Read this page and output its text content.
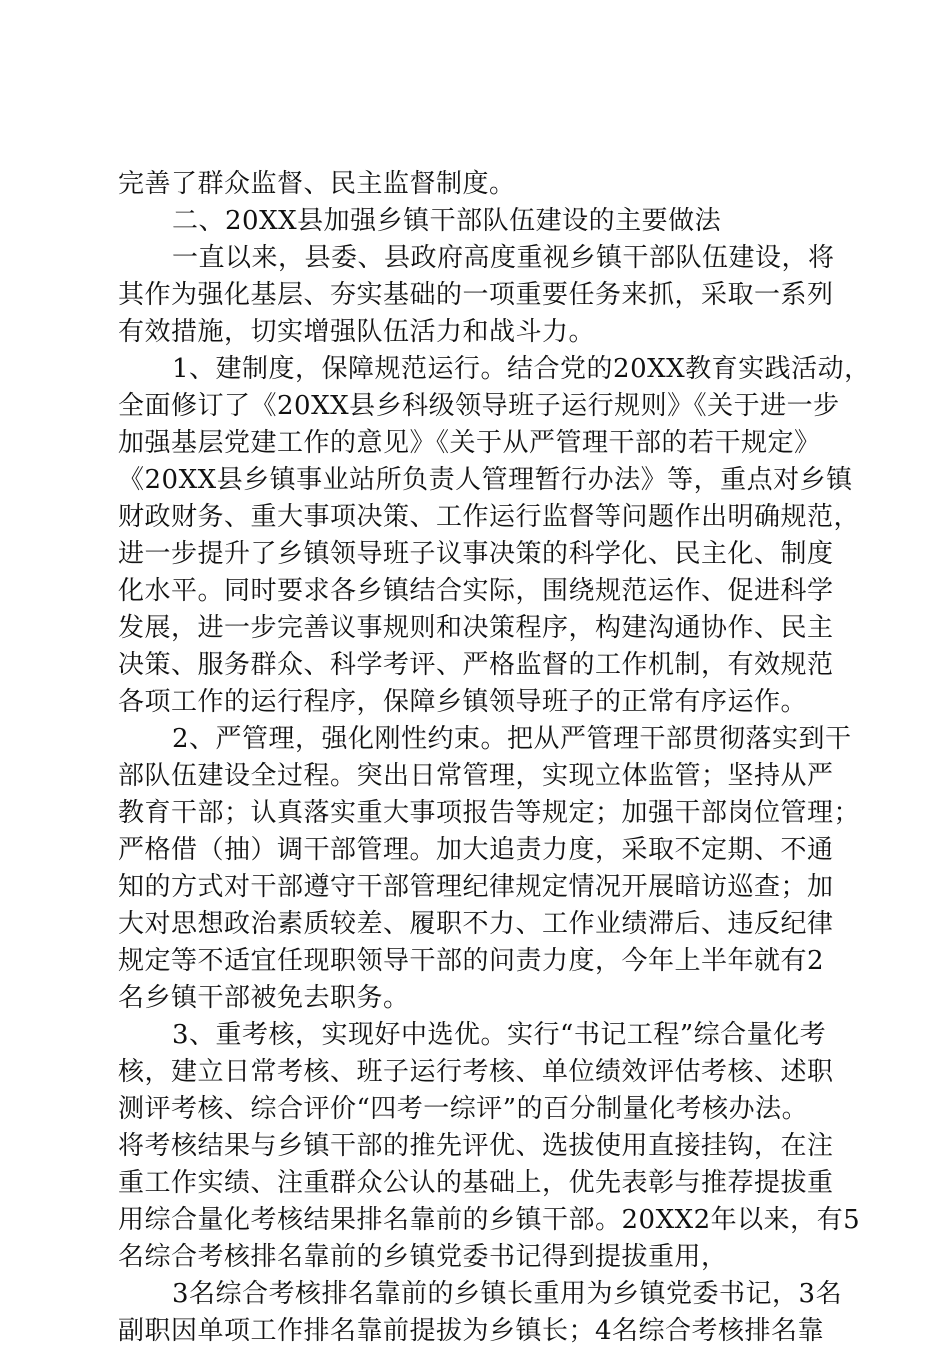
完善了群众监督、民主监督制度。
二、20XX县加强乡镇干部队伍建设的主要做法
一直以来，县委、县政府高度重视乡镇干部队伍建设，将
其作为强化基层、夯实基础的一项重要任务来抓，采取一系列
有效措施，切实增强队伍活力和战斗力。
1、建制度，保障规范运行。结合党的20XX教育实践活动，
全面修订了《20XX县乡科级领导班子运行规则》《关于进一步
加强基层党建工作的意见》《关于从严管理干部的若干规定》
《20XX县乡镇事业站所负责人管理暂行办法》等，重点对乡镇
财政财务、重大事项决策、工作运行监督等问题作出明确规范，
进一步提升了乡镇领导班子议事决策的科学化、民主化、制度
化水平。同时要求各乡镇结合实际，围绕规范运作、促进科学
发展，进一步完善议事规则和决策程序，构建沟通协作、民主
决策、服务群众、科学考评、严格监督的工作机制，有效规范
各项工作的运行程序，保障乡镇领导班子的正常有序运作。
2、严管理，强化刚性约束。把从严管理干部贯彻落实到干
部队伍建设全过程。突出日常管理，实现立体监管；坚持从严
教育干部；认真落实重大事项报告等规定；加强干部岗位管理；
严格借（抽）调干部管理。加大追责力度，采取不定期、不通
知的方式对干部遵守干部管理纪律规定情况开展暗访巡查；加
大对思想政治素质较差、履职不力、工作业绩滞后、违反纪律
规定等不适宜任现职领导干部的问责力度，今年上半年就有2
名乡镇干部被免去职务。
3、重考核，实现好中选优。实行“书记工程”综合量化考
核，建立日常考核、班子运行考核、单位绩效评估考核、述职
测评考核、综合评价“四考一综评”的百分制量化考核办法。
将考核结果与乡镇干部的推先评优、选拔使用直接挂钩，在注
重工作实绩、注重群众公认的基础上，优先表彰与推荐提拔重
用综合量化考核结果排名靠前的乡镇干部。20XX2年以来，有5
名综合考核排名靠前的乡镇党委书记得到提拔重用，
3名综合考核排名靠前的乡镇长重用为乡镇党委书记，3名
副职因单项工作排名靠前提拔为乡镇长；4名综合考核排名靠
